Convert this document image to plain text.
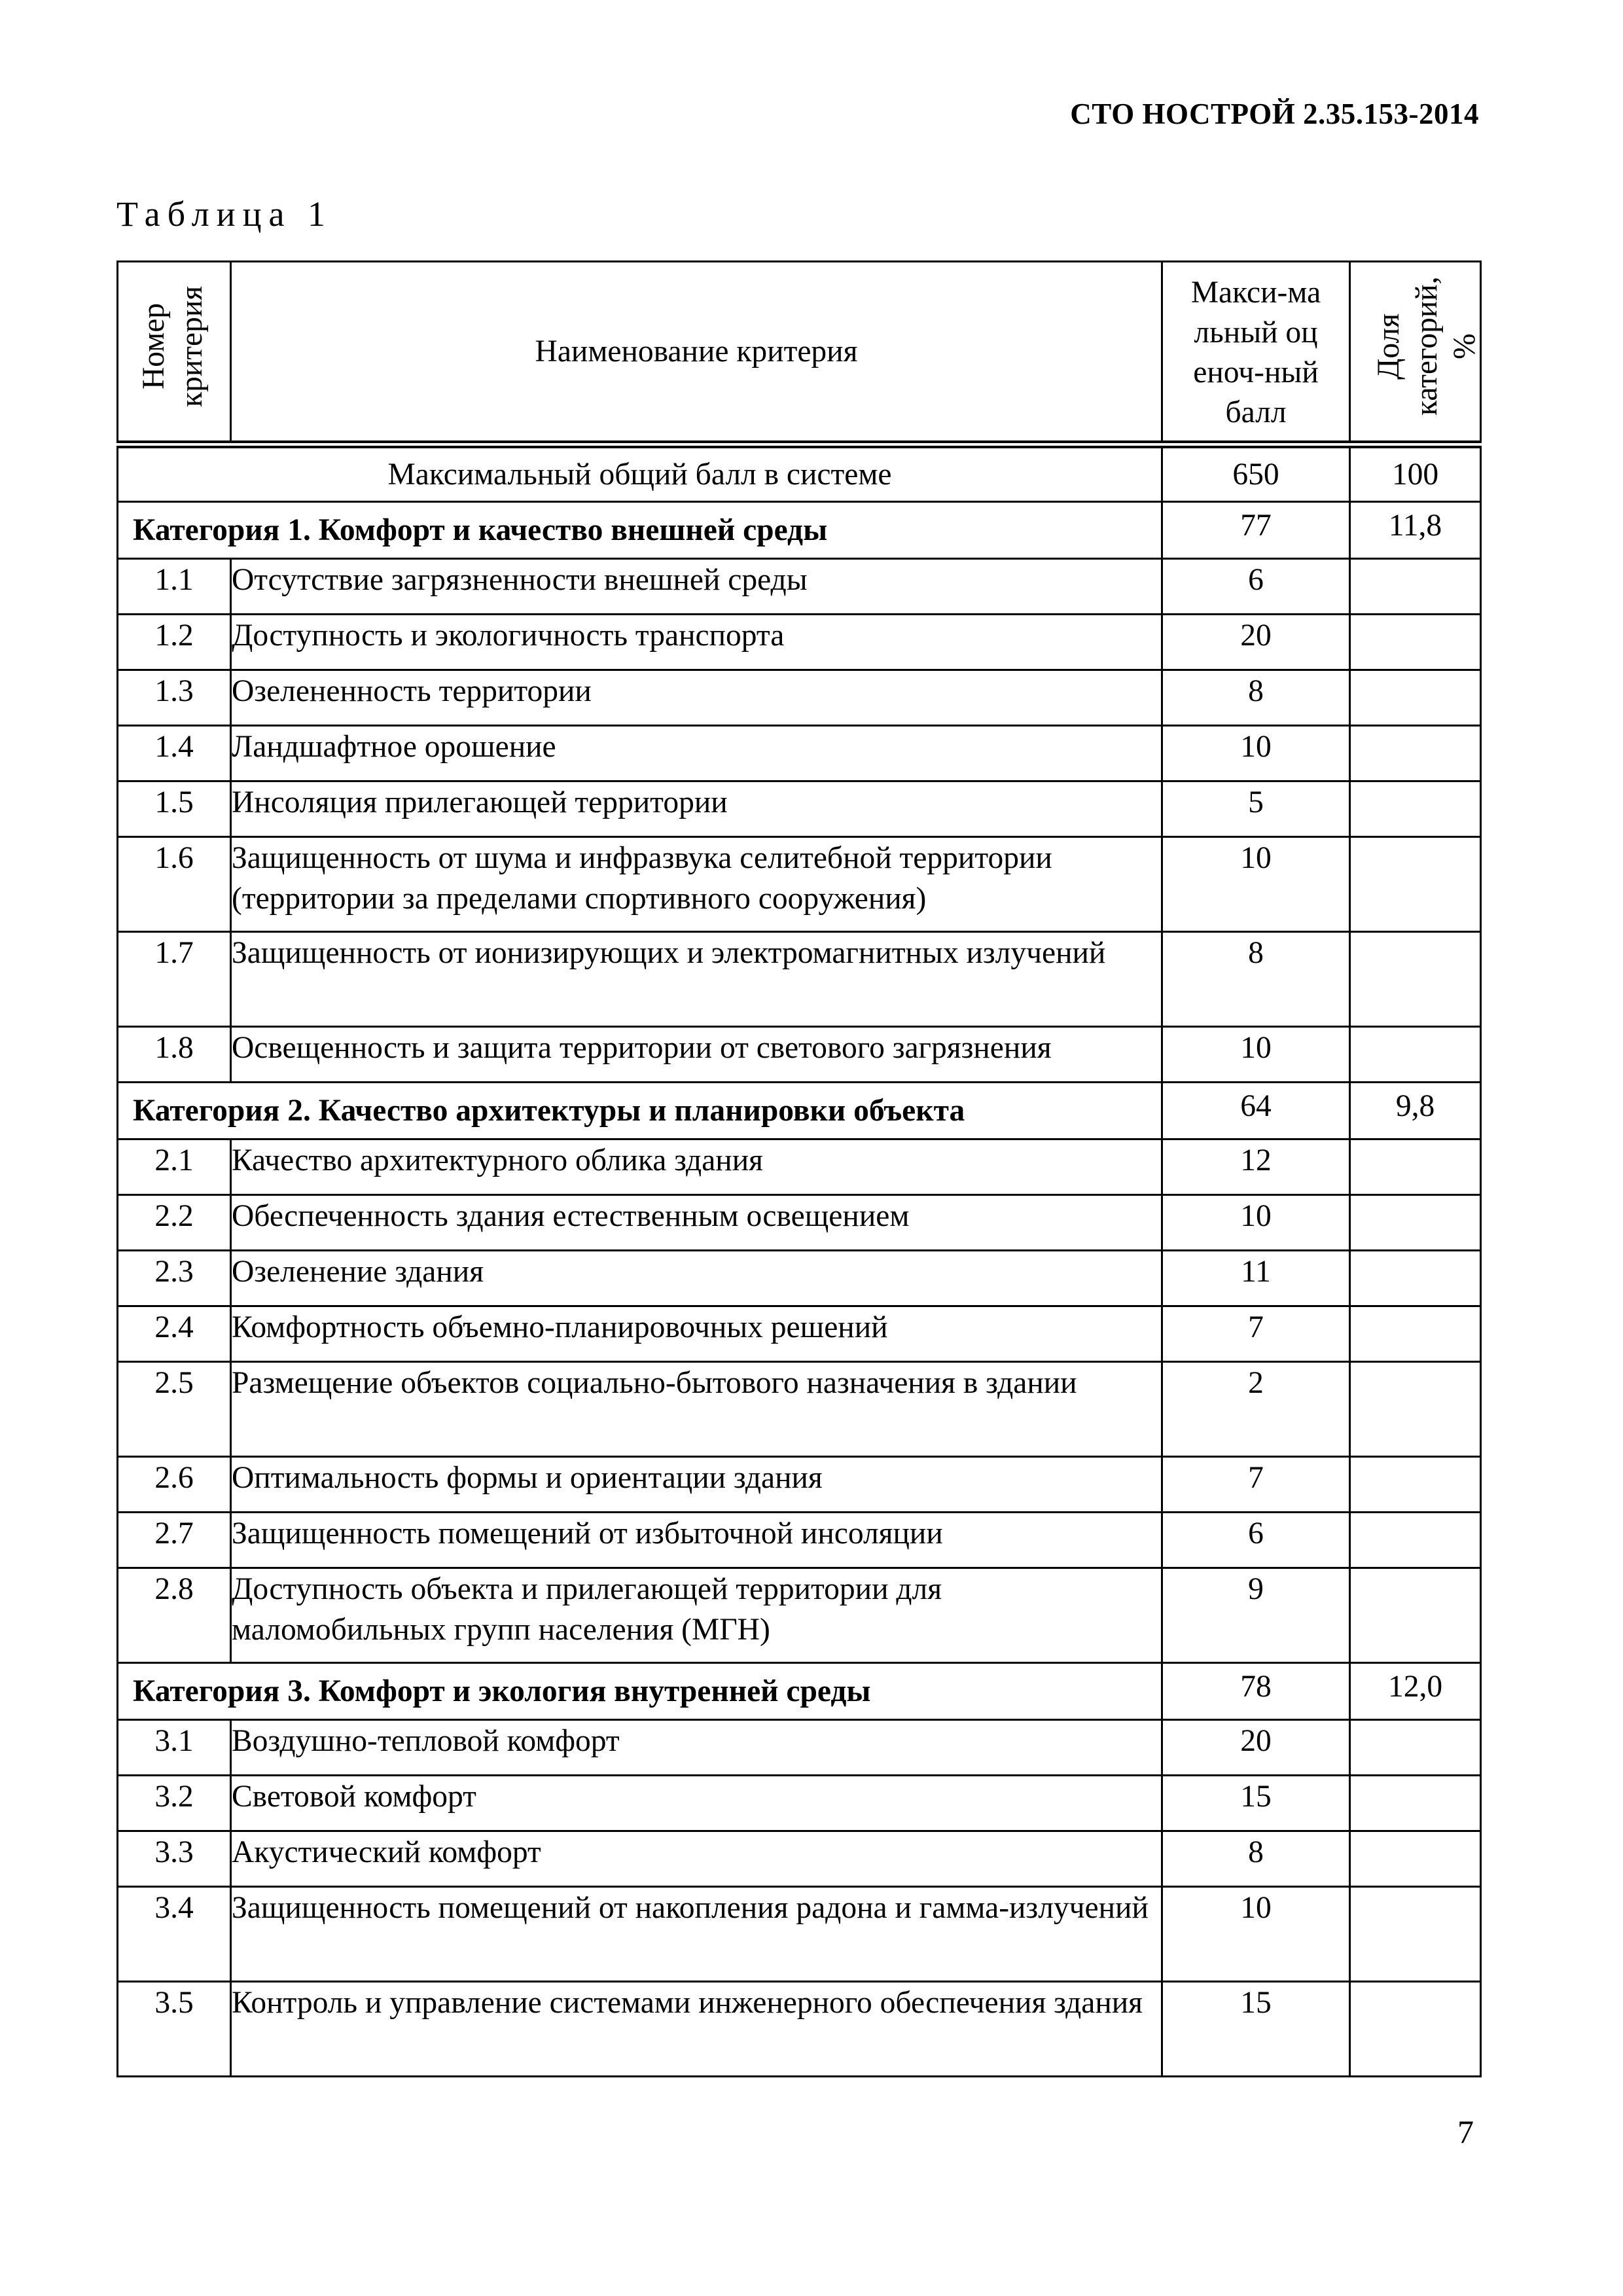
СТО НОСТРОЙ 2.35.153-2014
Таблица 1
Номер критерия	Наименование критерия	Макси-мальный оценоч-ный балл	Доля категорий, %
Максимальный общий балл в системе		650	100
Категория 1. Комфорт и качество внешней среды		77	11,8
1.1	Отсутствие загрязненности внешней среды	6	
1.2	Доступность и экологичность транспорта	20	
1.3	Озелененность территории	8	
1.4	Ландшафтное орошение	10	
1.5	Инсоляция прилегающей территории	5	
1.6	Защищенность от шума и инфразвука селитебной территории (территории за пределами спортивного сооружения)	10	
1.7	Защищенность от ионизирующих и электромагнитных излучений	8	
1.8	Освещенность и защита территории от светового загрязнения	10	
Категория 2. Качество архитектуры и планировки объекта		64	9,8
2.1	Качество архитектурного облика здания	12	
2.2	Обеспеченность здания естественным освещением	10	
2.3	Озеленение здания	11	
2.4	Комфортность объемно-планировочных решений	7	
2.5	Размещение объектов социально-бытового назначения в здании	2	
2.6	Оптимальность формы и ориентации здания	7	
2.7	Защищенность помещений от избыточной инсоляции	6	
2.8	Доступность объекта и прилегающей территории для маломобильных групп населения (МГН)	9	
Категория 3. Комфорт и экология внутренней среды		78	12,0
3.1	Воздушно-тепловой комфорт	20	
3.2	Световой комфорт	15	
3.3	Акустический комфорт	8	
3.4	Защищенность помещений от накопления радона и гамма-излучений	10	
3.5	Контроль и управление системами инженерного обеспечения здания	15	
7
